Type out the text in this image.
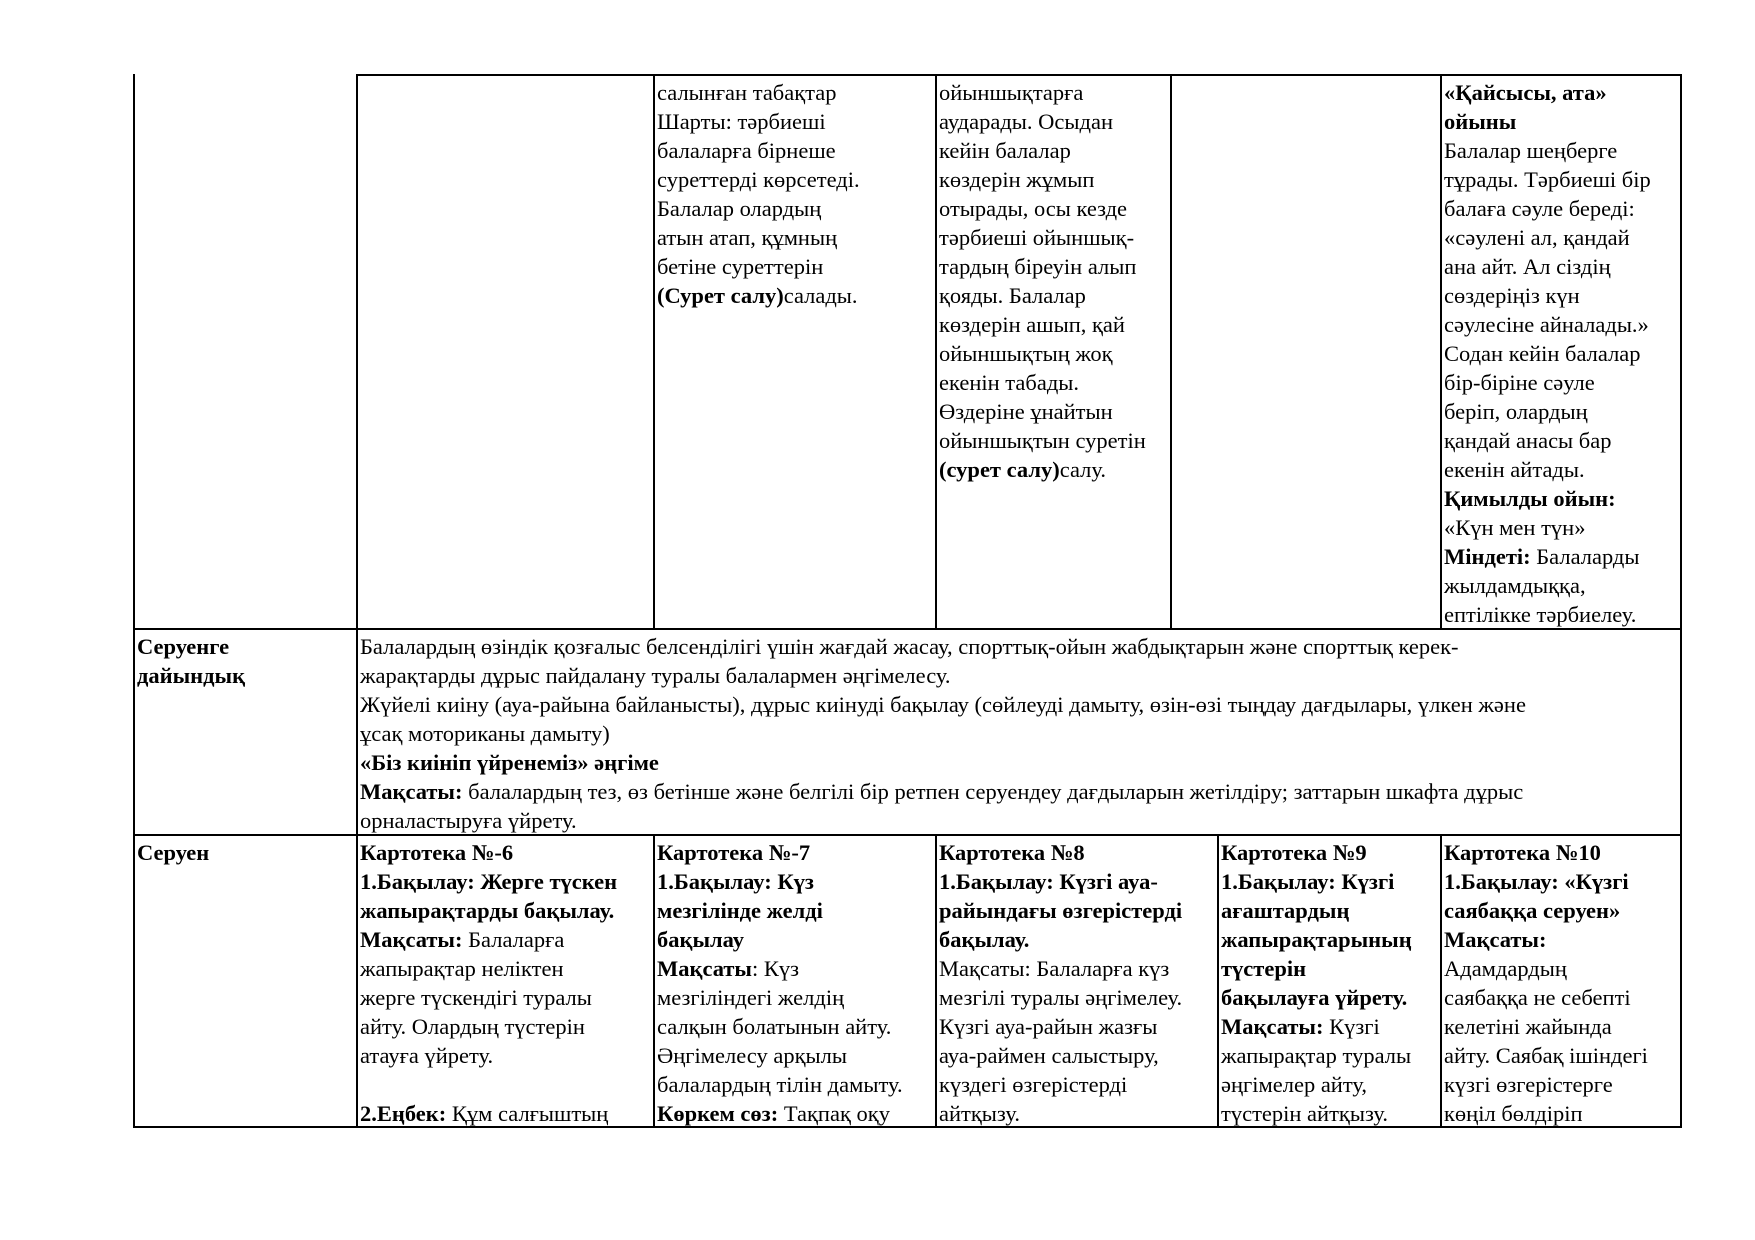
салынған табақтар
Шарты: тәрбиеші
балаларға бірнеше
суреттерді көрсетеді.
Балалар олардың
атын атап, құмның
бетіне суреттерін
(Сурет салу)салады.
ойыншықтарға
аударады. Осыдан
кейін балалар
көздерін жұмып
отырады, осы кезде
тәрбиеші ойыншық-
тардың біреуін алып
қояды. Балалар
көздерін ашып, қай
ойыншықтың жоқ
екенін табады.
Өздеріне ұнайтын
ойыншықтын суретін
(сурет салу)салу.
«Қайсысы, ата»
ойыны
Балалар шеңберге
тұрады. Тәрбиеші бір
балаға сәуле береді:
«сәулені ал, қандай
ана айт. Ал сіздің
сөздеріңіз күн
сәулесіне айналады.»
Содан кейін балалар
бір-біріне сәуле
беріп, олардың
қандай анасы бар
екенін айтады.
Қимылды ойын:
«Күн мен түн»
Міндеті: Балаларды
жылдамдыққа,
ептілікке тәрбиелеу.
Серуенге
дайындық
Балалардың өзіндік қозғалыс белсенділігі үшін жағдай жасау, спорттық-ойын жабдықтарын және спорттық керек-
жарақтарды дұрыс пайдалану туралы балалармен әңгімелесу.
Жүйелі киіну (ауа-райына байланысты), дұрыс киінуді бақылау (сөйлеуді дамыту, өзін-өзі тыңдау дағдылары, үлкен және
ұсақ моториканы дамыту)
«Біз киініп үйренеміз» әңгіме
Мақсаты: балалардың тез, өз бетінше және белгілі бір ретпен серуендеу дағдыларын жетілдіру; заттарын шкафта дұрыс
орналастыруға үйрету.
Серуен	Картотека №-6
1.Бақылау: Жерге түскен
жапырақтарды бақылау.
Мақсаты: Балаларға
жапырақтар неліктен
жерге түскендігі туралы
айту. Олардың түстерін
атауға үйрету.

2.Еңбек: Құм салғыштың
Картотека №-7
1.Бақылау: Күз
мезгілінде желді
бақылау
Мақсаты: Күз
мезгіліндегі желдің
салқын болатынын айту.
Әңгімелесу арқылы
балалардың тілін дамыту.
Көркем сөз: Тақпақ оқу
Картотека №8
1.Бақылау: Күзгі ауа-
райындағы өзгерістерді
бақылау.
Мақсаты: Балаларға күз
мезгілі туралы әңгімелеу.
Күзгі ауа-райын жазғы
ауа-раймен салыстыру,
күздегі өзгерістерді
айтқызу.
Картотека №9
1.Бақылау: Күзгі
ағаштардың
жапырақтарының
түстерін
бақылауға үйрету.
Мақсаты: Күзгі
жапырақтар туралы
әңгімелер айту,
түстерін айтқызу.
Картотека №10
1.Бақылау: «Күзгі
саябаққа серуен»
Мақсаты:
Адамдардың
саябаққа не себепті
келетіні жайында
айту. Саябақ ішіндегі
күзгі өзгерістерге
көңіл бөлдіріп
